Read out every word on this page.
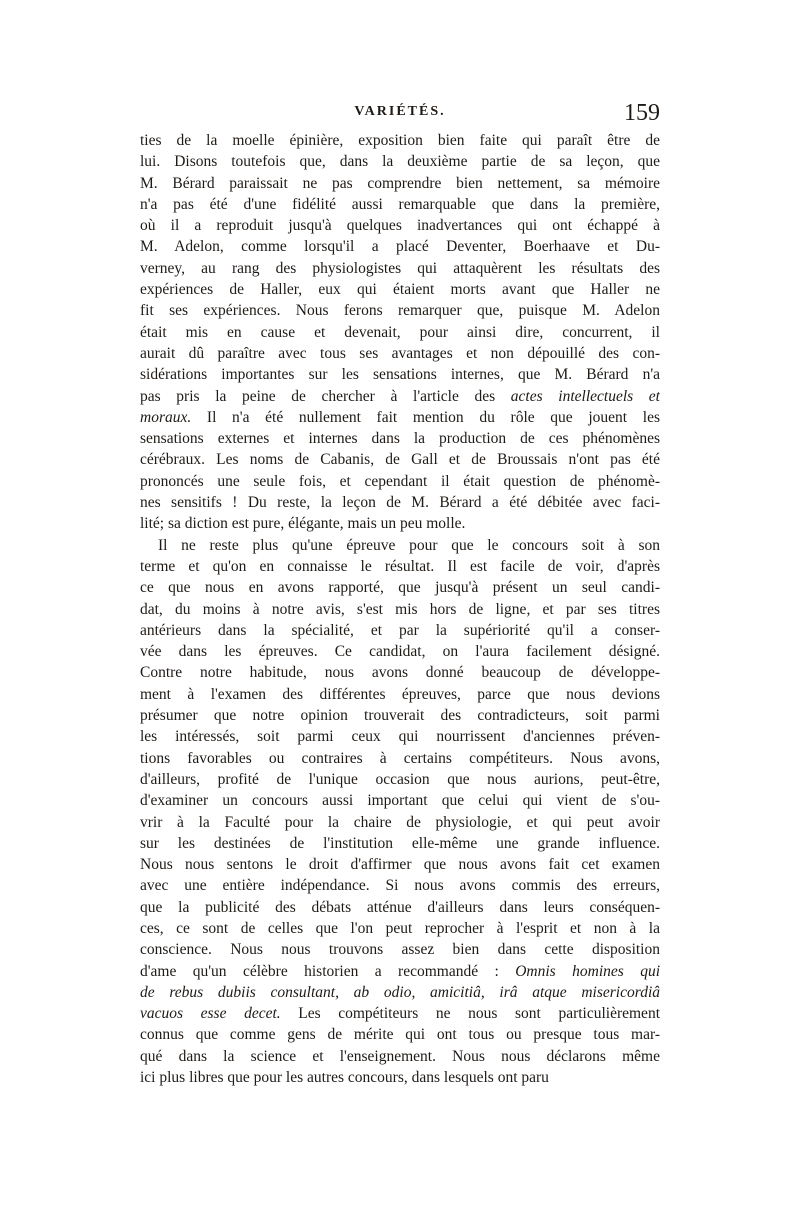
VARIÉTÉS.	159
ties de la moelle épinière, exposition bien faite qui paraît être de
lui. Disons toutefois que, dans la deuxième partie de sa leçon, que
M. Bérard paraissait ne pas comprendre bien nettement, sa mémoire
n'a pas été d'une fidélité aussi remarquable que dans la première,
où il a reproduit jusqu'à quelques inadvertances qui ont échappé à
M. Adelon, comme lorsqu'il a placé Deventer, Boerhaave et Du-
verney, au rang des physiologistes qui attaquèrent les résultats des
expériences de Haller, eux qui étaient morts avant que Haller ne
fit ses expériences. Nous ferons remarquer que, puisque M. Adelon
était mis en cause et devenait, pour ainsi dire, concurrent, il
aurait dû paraître avec tous ses avantages et non dépouillé des con-
sidérations importantes sur les sensations internes, que M. Bérard n'a
pas pris la peine de chercher à l'article des actes intellectuels et
moraux. Il n'a été nullement fait mention du rôle que jouent les
sensations externes et internes dans la production de ces phénomènes
cérébraux. Les noms de Cabanis, de Gall et de Broussais n'ont pas été
prononcés une seule fois, et cependant il était question de phénomè-
nes sensitifs ! Du reste, la leçon de M. Bérard a été débitée avec faci-
lité; sa diction est pure, élégante, mais un peu molle.
Il ne reste plus qu'une épreuve pour que le concours soit à son
terme et qu'on en connaisse le résultat. Il est facile de voir, d'après
ce que nous en avons rapporté, que jusqu'à présent un seul candi-
dat, du moins à notre avis, s'est mis hors de ligne, et par ses titres
antérieurs dans la spécialité, et par la supériorité qu'il a conser-
vée dans les épreuves. Ce candidat, on l'aura facilement désigné.
Contre notre habitude, nous avons donné beaucoup de développe-
ment à l'examen des différentes épreuves, parce que nous devions
présumer que notre opinion trouverait des contradicteurs, soit parmi
les intéressés, soit parmi ceux qui nourrissent d'anciennes préven-
tions favorables ou contraires à certains compétiteurs. Nous avons,
d'ailleurs, profité de l'unique occasion que nous aurions, peut-être,
d'examiner un concours aussi important que celui qui vient de s'ou-
vrir à la Faculté pour la chaire de physiologie, et qui peut avoir
sur les destinées de l'institution elle-même une grande influence.
Nous nous sentons le droit d'affirmer que nous avons fait cet examen
avec une entière indépendance. Si nous avons commis des erreurs,
que la publicité des débats atténue d'ailleurs dans leurs conséquen-
ces, ce sont de celles que l'on peut reprocher à l'esprit et non à la
conscience. Nous nous trouvons assez bien dans cette disposition
d'ame qu'un célèbre historien a recommandé : Omnis homines qui
de rebus dubiis consultant, ab odio, amicitiâ, irâ atque misericordiâ
vacuos esse decet. Les compétiteurs ne nous sont particulièrement
connus que comme gens de mérite qui ont tous ou presque tous mar-
qué dans la science et l'enseignement. Nous nous déclarons même
ici plus libres que pour les autres concours, dans lesquels ont paru
